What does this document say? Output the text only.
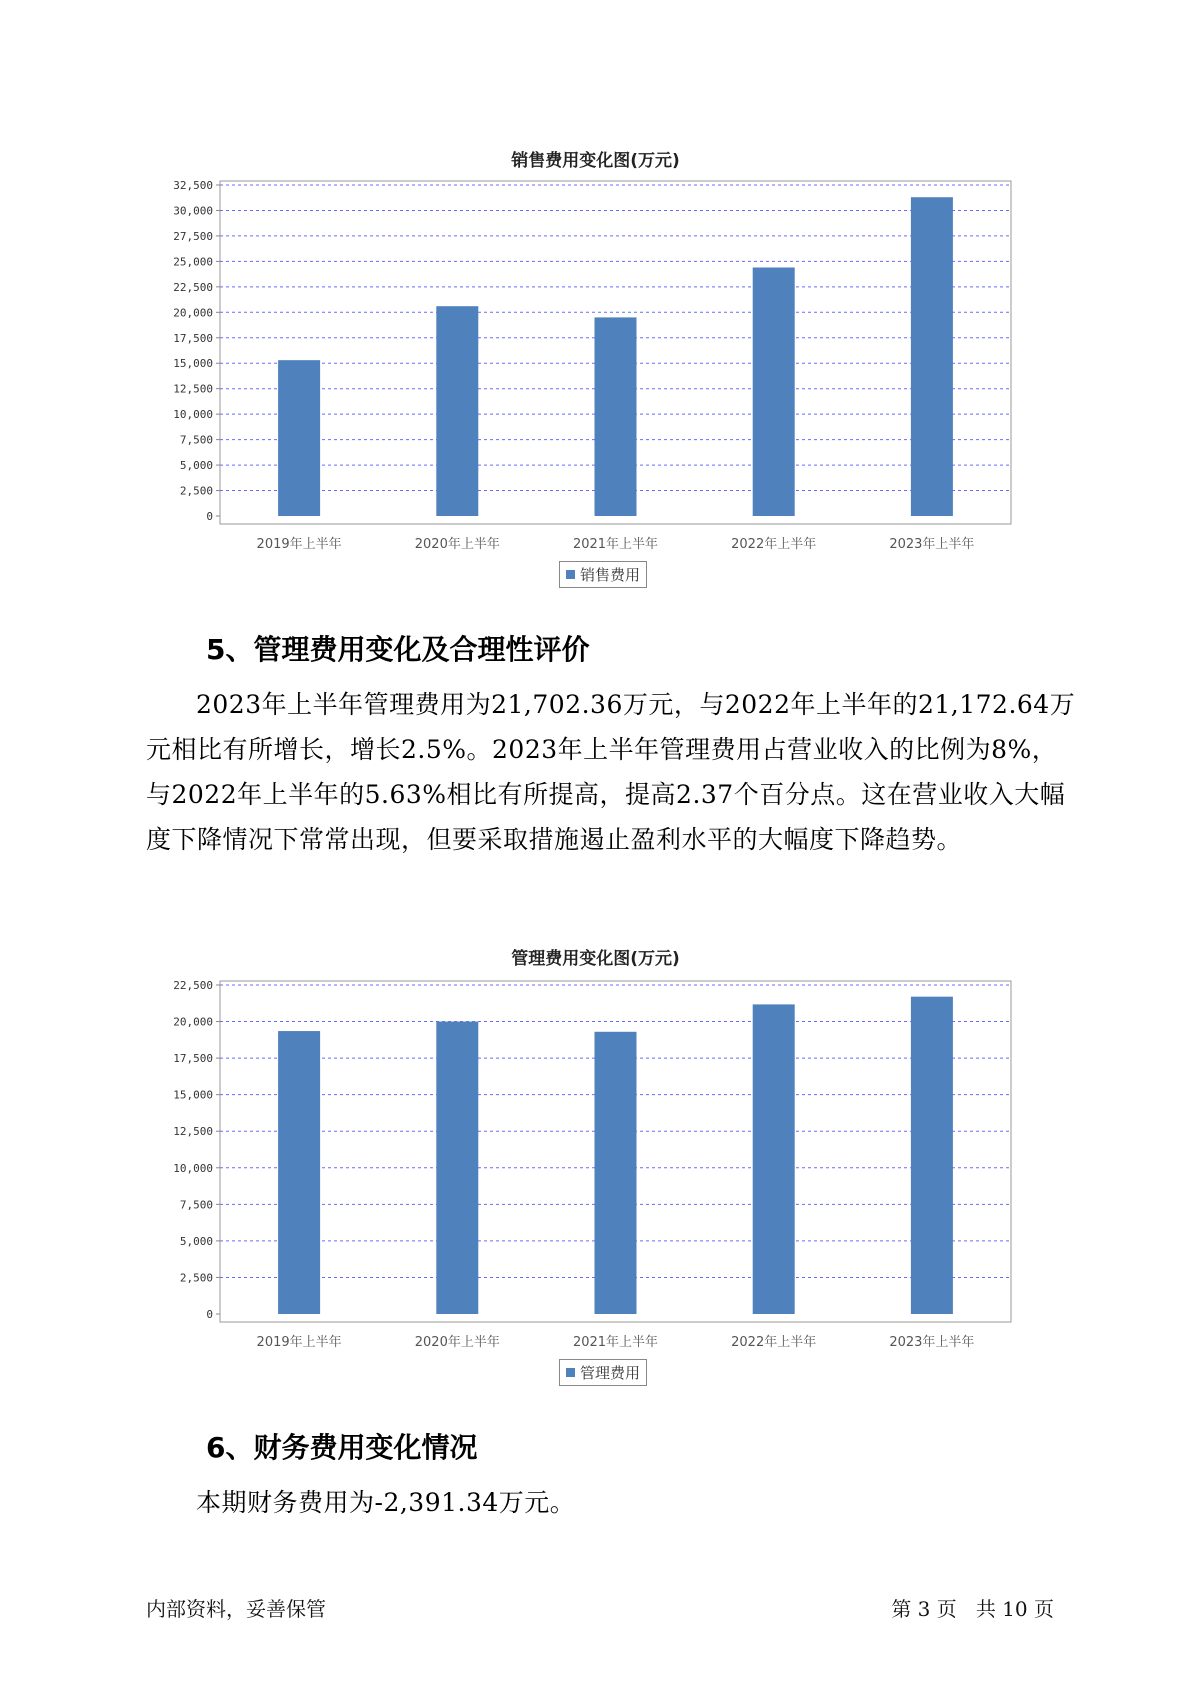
销售费用变化图(万元)
0
2,500
5,000
7,500
10,000
12,500
15,000
17,500
20,000
22,500
25,000
27,500
30,000
32,500
2019年上半年	2020年上半年	2021年上半年	2022年上半年	2023年上半年
销售费用
5、管理费用变化及合理性评价

2023年上半年管理费用为21,702.36万元，与2022年上半年的21,172.64万元相比有所增长，增长2.5%。2023年上半年管理费用占营业收入的比例为8%，与2022年上半年的5.63%相比有所提高，提高2.37个百分点。这在营业收入大幅度下降情况下常常出现，但要采取措施遏止盈利水平的大幅度下降趋势。

管理费用变化图(万元)
0
2,500
5,000
7,500
10,000
12,500
15,000
17,500
20,000
22,500
2019年上半年	2020年上半年	2021年上半年	2022年上半年	2023年上半年
管理费用
6、财务费用变化情况

本期财务费用为-2,391.34万元。

内部资料，妥善保管	第 3 页   共 10 页
